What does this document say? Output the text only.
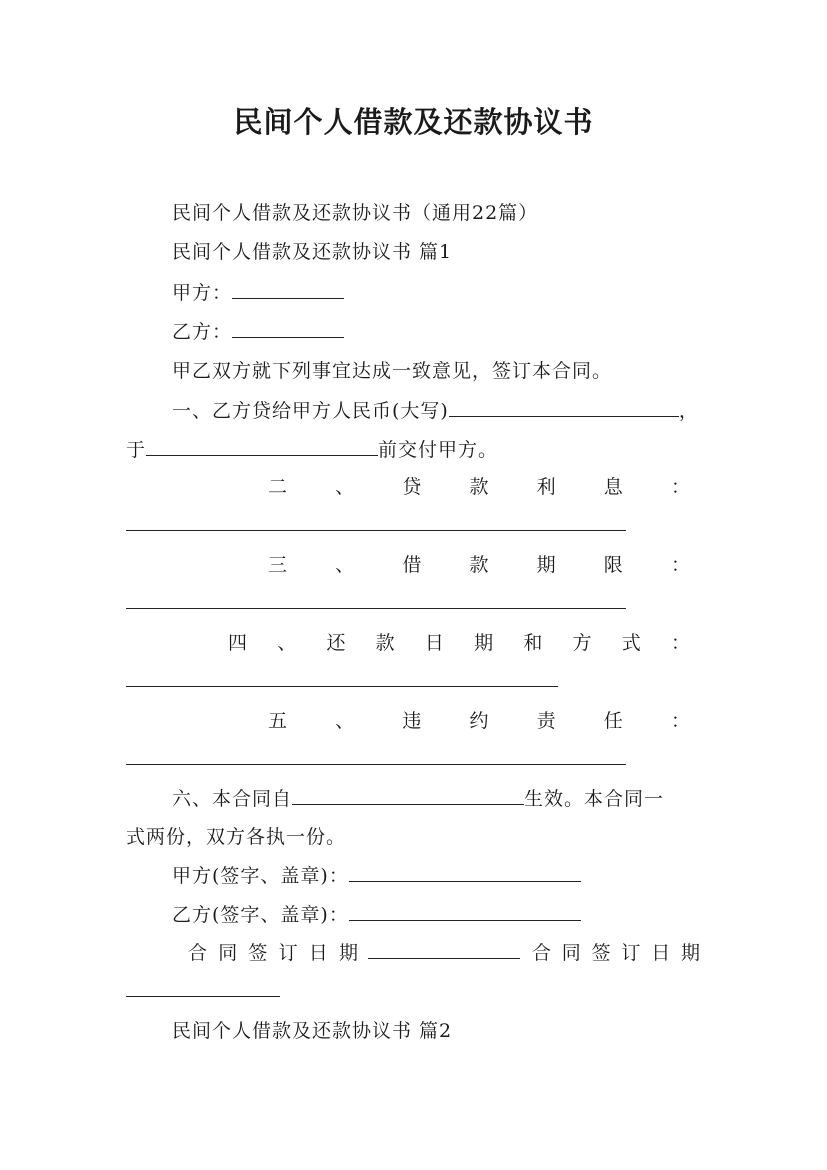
民间个人借款及还款协议书
民间个人借款及还款协议书（通用22篇）
民间个人借款及还款协议书 篇1
甲方：
乙方：
甲乙双方就下列事宜达成一致意见，签订本合同。
一、乙方贷给甲方人民币(大写)	，
于	前交付甲方。
二	、	贷	款	利	息	：
三	、	借	款	期	限	：
四 、 还 款 日 期 和 方 式 ：
五	、	违	约	责	任	：
六、本合同自	生效。本合同一
式两份，双方各执一份。
甲方(签字、盖章)：
乙方(签字、盖章)：
合 同 签 订 日 期	合 同 签 订 日 期
民间个人借款及还款协议书 篇2
